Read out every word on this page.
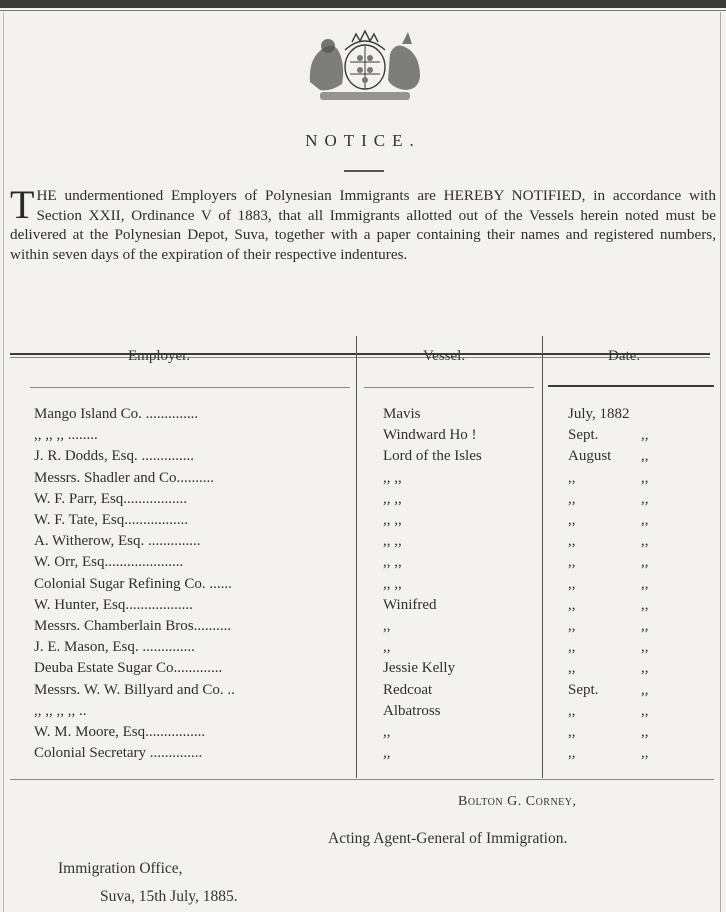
NOTICE.
T HE undermentioned Employers of Polynesian Immigrants are HEREBY NOTIFIED, in accordance with Section XXII, Ordinance V of 1883, that all Immigrants allotted out of the Vessels herein noted must be delivered at the Polynesian Depot, Suva, together with a paper containing their names and registered numbers, within seven days of the expiration of their respective indentures.

Employer.	Vessel.	Date.
Mango Island Co. ..............	Mavis	July, 1882
,, ,, ,, ........	Windward Ho !	Sept.	,,
J. R. Dodds, Esq. ..............	Lord of the Isles	August ,,
Messrs. Shadler and Co..........	,, ,,	,,	,,
W. F. Parr, Esq.................	,, ,,	,,	,,
W. F. Tate, Esq.................	,, ,,	,,	,,
A. Witherow, Esq. ..............	,, ,,	,,	,,
W. Orr, Esq.....................	,, ,,	,,	,,
Colonial Sugar Refining Co. ......	,, ,,	,,	,,
W. Hunter, Esq..................	Winifred	,,	,,
Messrs. Chamberlain Bros..........	,,	,,	,,
J. E. Mason, Esq. ..............	,,	,,	,,
Deuba Estate Sugar Co.............	Jessie Kelly	,,	,,
Messrs. W. W. Billyard and Co. ..	Redcoat	Sept.	,,
,, ,, ,, ,, ..	Albatross	,,	,,
W. M. Moore, Esq................	,,	,,	,,
Colonial Secretary ..............	,,	,,	,,
Bolton G. Corney,
Acting Agent-General of Immigration.
Immigration Office,
Suva, 15th July, 1885.
